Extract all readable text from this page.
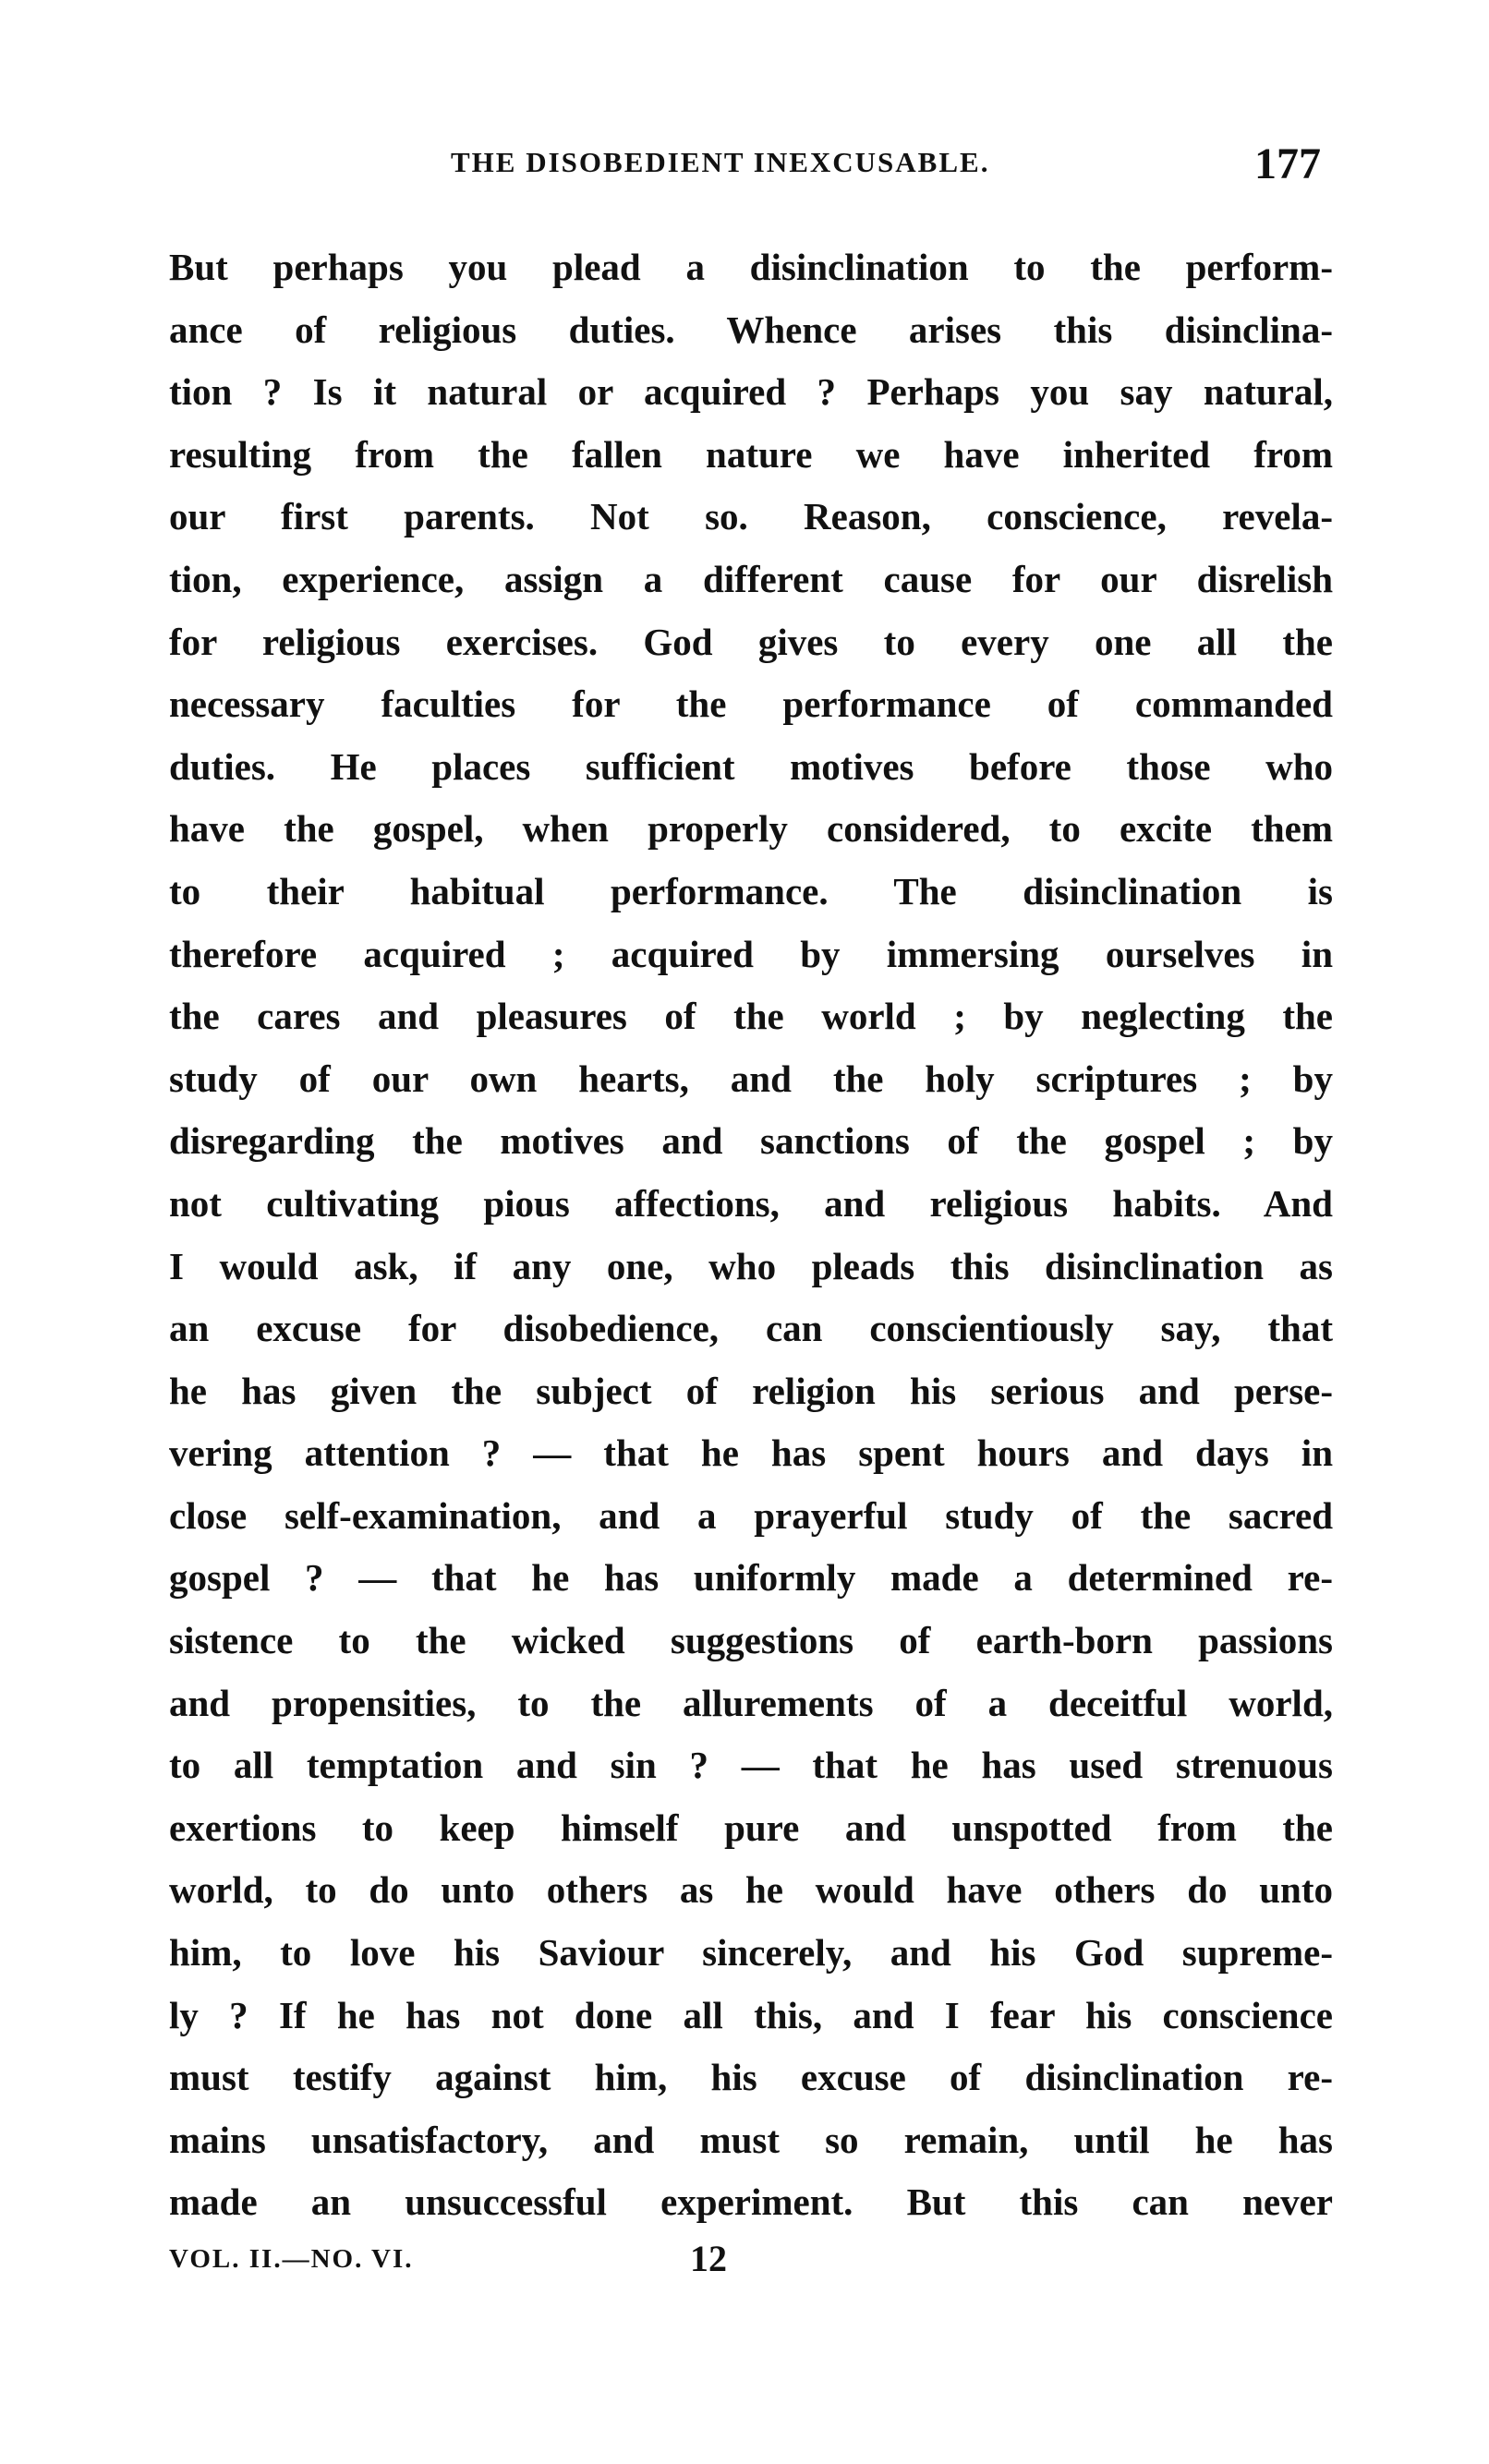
THE DISOBEDIENT INEXCUSABLE.	177
But perhaps you plead a disinclination to the perform-
ance of religious duties. Whence arises this disinclina-
tion ? Is it natural or acquired ? Perhaps you say natural,
resulting from the fallen nature we have inherited from
our first parents. Not so. Reason, conscience, revela-
tion, experience, assign a different cause for our disrelish
for religious exercises. God gives to every one all the
necessary faculties for the performance of commanded
duties. He places sufficient motives before those who
have the gospel, when properly considered, to excite them
to their habitual performance. The disinclination is
therefore acquired ; acquired by immersing ourselves in
the cares and pleasures of the world ; by neglecting the
study of our own hearts, and the holy scriptures ; by
disregarding the motives and sanctions of the gospel ; by
not cultivating pious affections, and religious habits. And
I would ask, if any one, who pleads this disinclination as
an excuse for disobedience, can conscientiously say, that
he has given the subject of religion his serious and perse-
vering attention ? — that he has spent hours and days in
close self-examination, and a prayerful study of the sacred
gospel ? — that he has uniformly made a determined re-
sistence to the wicked suggestions of earth-born passions
and propensities, to the allurements of a deceitful world,
to all temptation and sin ? — that he has used strenuous
exertions to keep himself pure and unspotted from the
world, to do unto others as he would have others do unto
him, to love his Saviour sincerely, and his God supreme-
ly ? If he has not done all this, and I fear his conscience
must testify against him, his excuse of disinclination re-
mains unsatisfactory, and must so remain, until he has
made an unsuccessful experiment. But this can never
VOL. II.—NO. VI.	12
